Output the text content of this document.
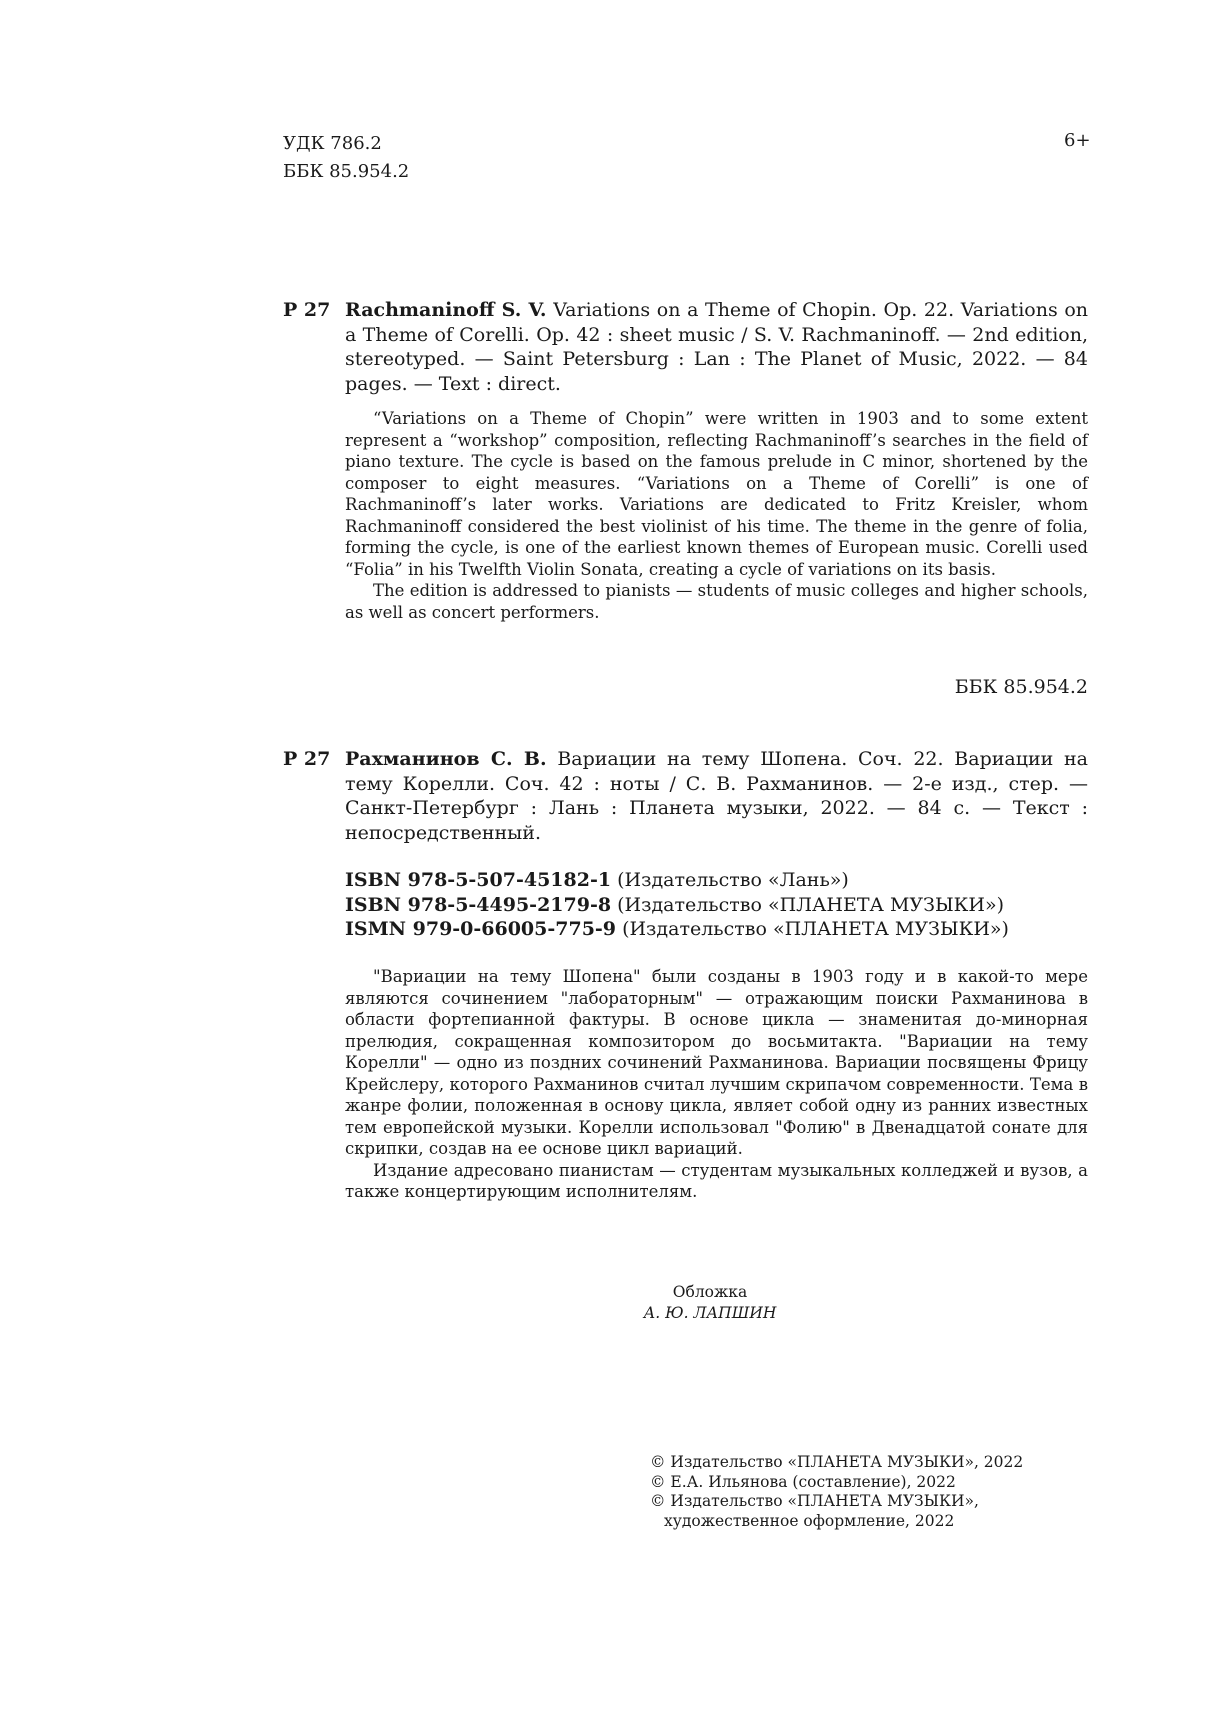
УДК 786.2
ББК 85.954.2
6+
Р 27 Rachmaninoff S. V. Variations on a Theme of Chopin. Op. 22. Variations on a Theme of Corelli. Op. 42 : sheet music / S. V. Rachmaninoff. — 2nd edition, stereotyped. — Saint Petersburg : Lan : The Planet of Music, 2022. — 84 pages. — Text : direct.

“Variations on a Theme of Chopin” were written in 1903 and to some extent represent a “workshop” composition, reflecting Rachmaninoff’s searches in the field of piano texture. The cycle is based on the famous prelude in C minor, shortened by the composer to eight measures. “Variations on a Theme of Corelli” is one of Rachmaninoff’s later works. Variations are dedicated to Fritz Kreisler, whom Rachmaninoff considered the best violinist of his time. The theme in the genre of folia, forming the cycle, is one of the earliest known themes of European music. Corelli used “Folia” in his Twelfth Violin Sonata, creating a cycle of variations on its basis.

The edition is addressed to pianists — students of music colleges and higher schools, as well as concert performers.

ББК 85.954.2
Р 27 Рахманинов С. В. Вариации на тему Шопена. Соч. 22. Вариации на тему Корелли. Соч. 42 : ноты / С. В. Рахманинов. — 2-е изд., стер. — Санкт-Петербург : Лань : Планета музыки, 2022. — 84 с. — Текст : непосредственный.
ISBN 978-5-507-45182-1 (Издательство «Лань»)
ISBN 978-5-4495-2179-8 (Издательство «ПЛАНЕТА МУЗЫКИ»)
ISMN 979-0-66005-775-9 (Издательство «ПЛАНЕТА МУЗЫКИ»)

"Вариации на тему Шопена" были созданы в 1903 году и в какой-то мере являются сочинением "лабораторным" — отражающим поиски Рахманинова в области фортепианной фактуры. В основе цикла — знаменитая до-минорная прелюдия, сокращенная композитором до восьмитакта. "Вариации на тему Корелли" — одно из поздних сочинений Рахманинова. Вариации посвящены Фрицу Крейслеру, которого Рахманинов считал лучшим скрипачом современности. Тема в жанре фолии, положенная в основу цикла, являет собой одну из ранних известных тем европейской музыки. Корелли использовал "Фолию" в Двенадцатой сонате для скрипки, создав на ее основе цикл вариаций.

Издание адресовано пианистам — студентам музыкальных колледжей и вузов, а также концертирующим исполнителям.

Обложка
А. Ю. ЛАПШИН
© Издательство «ПЛАНЕТА МУЗЫКИ», 2022
© Е.А. Ильянова (составление), 2022
© Издательство «ПЛАНЕТА МУЗЫКИ», художественное оформление, 2022
